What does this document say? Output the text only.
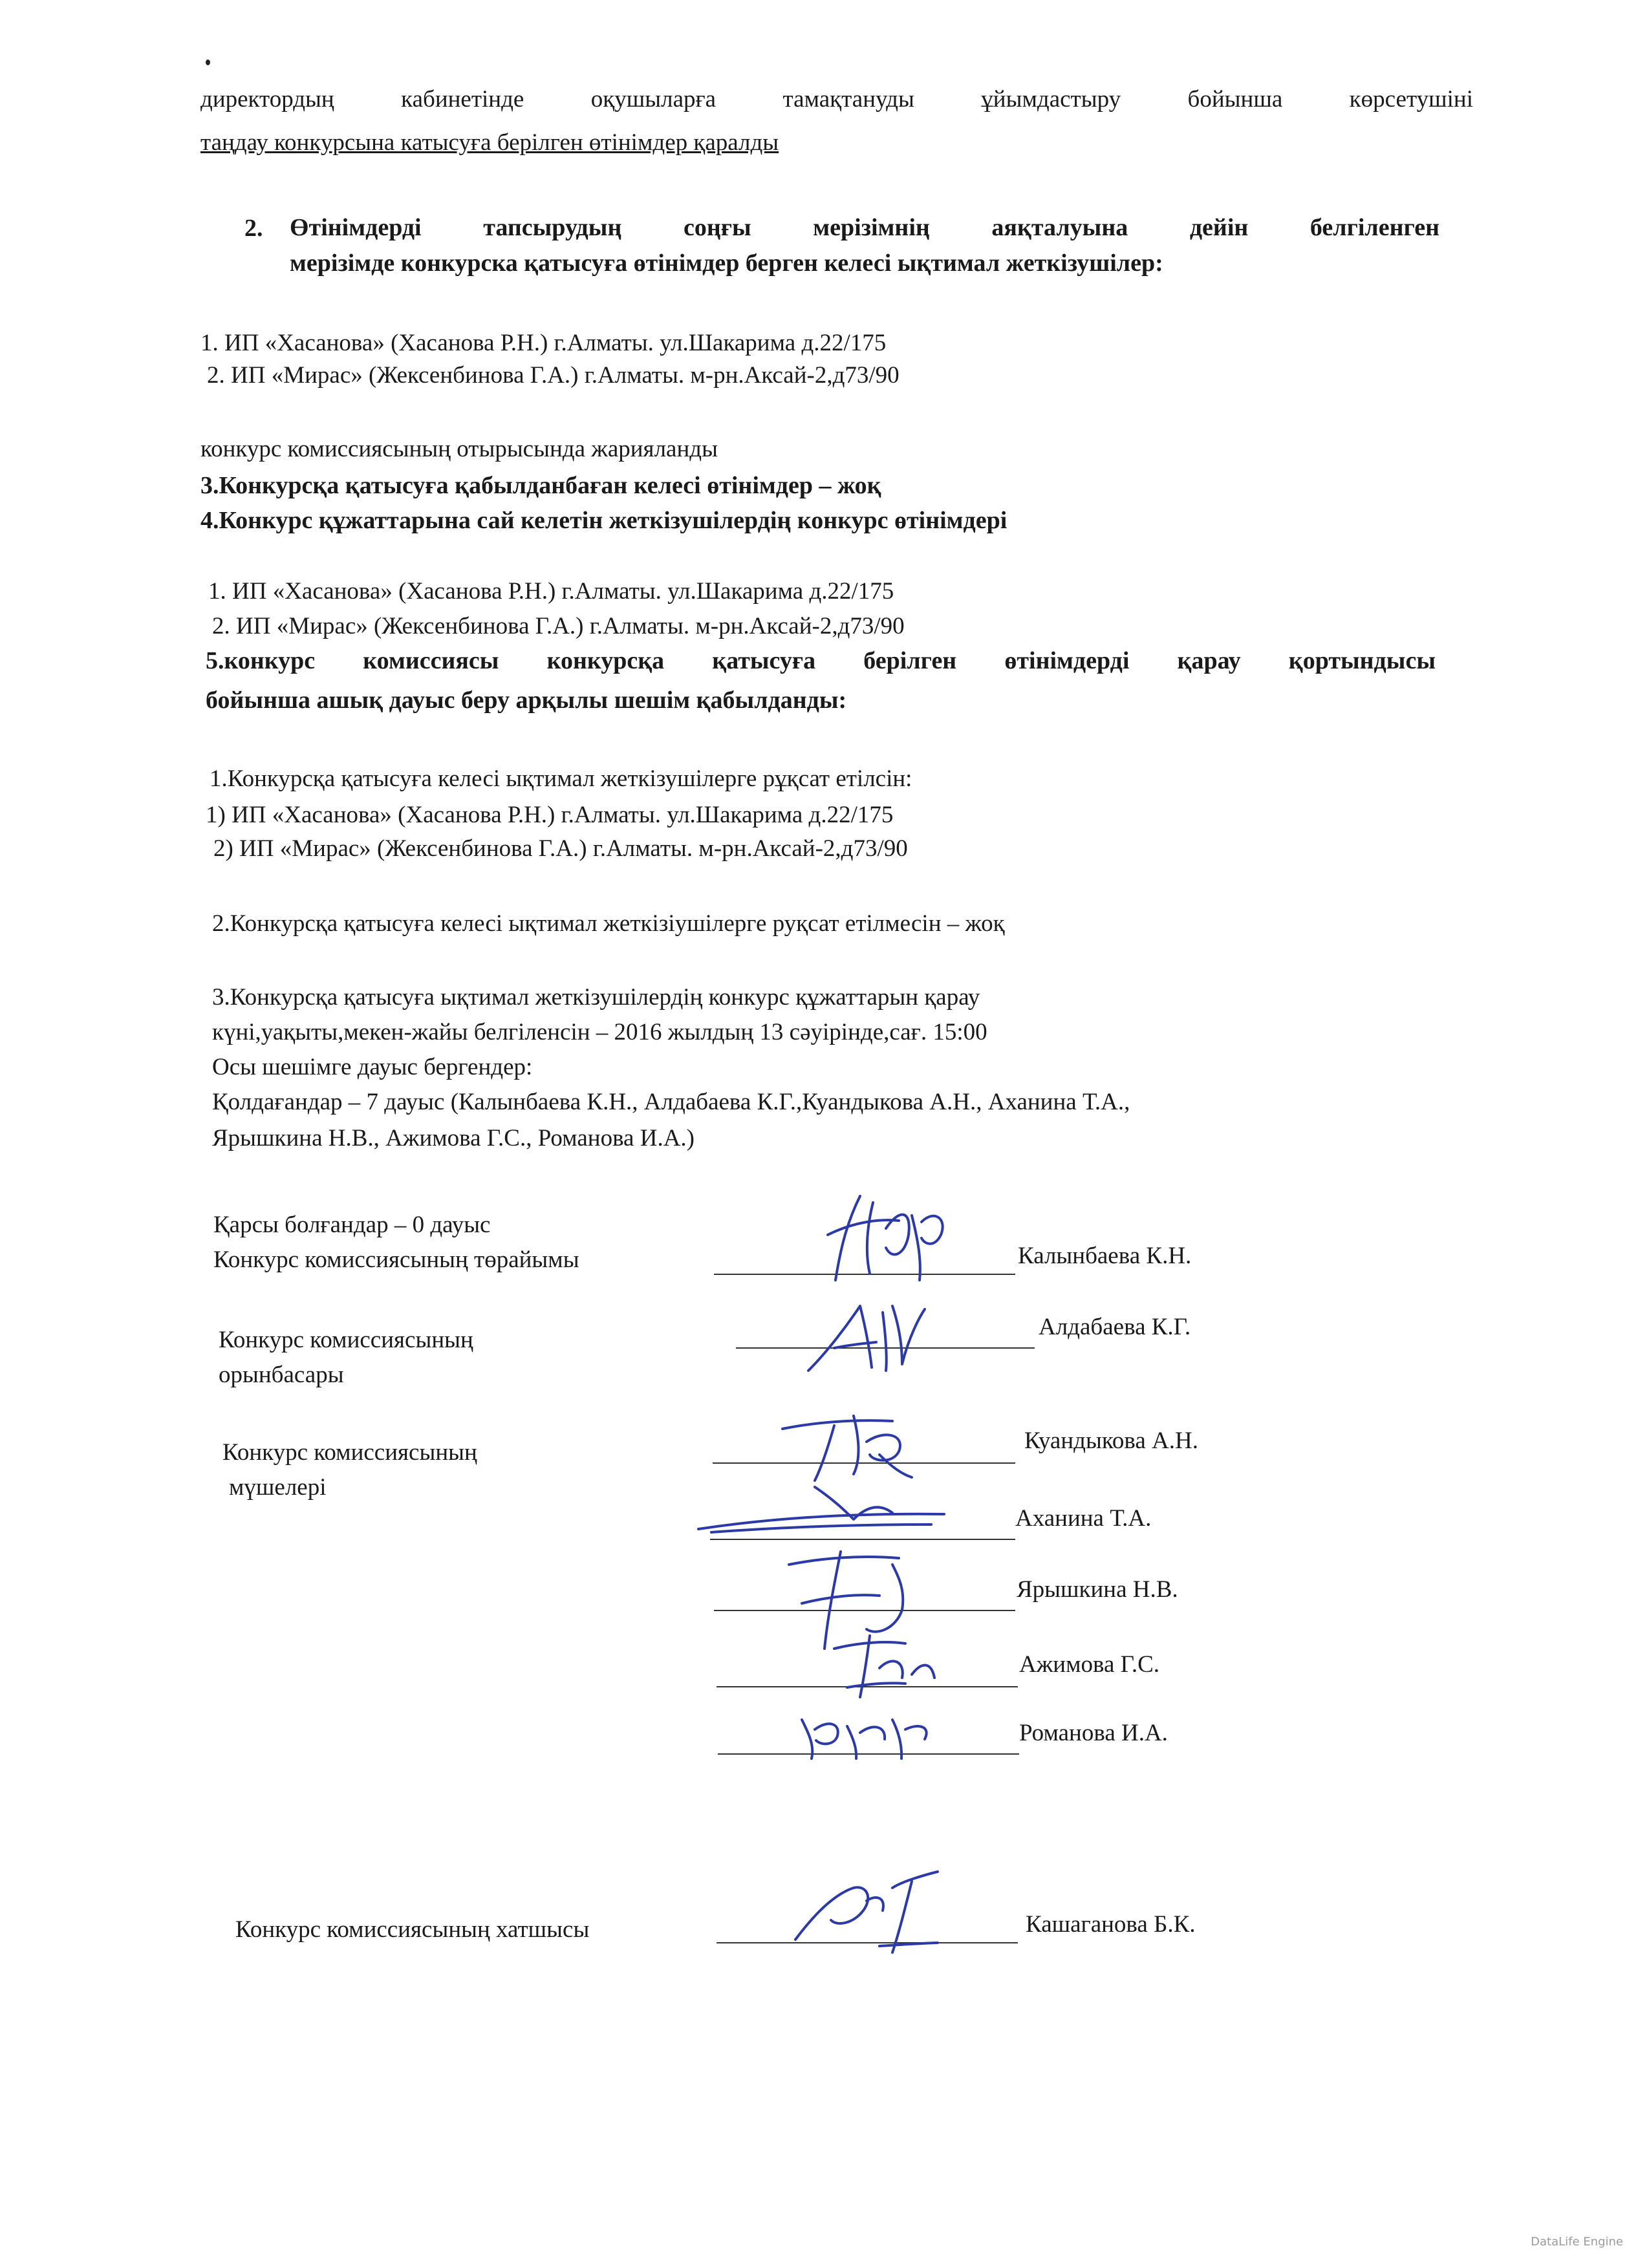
директордың кабинетінде оқушыларға тамақтануды ұйымдастыру бойынша көрсетушіні
таңдау конкурсына катысуға берілген өтінімдер қаралды
2. Өтінімдерді тапсырудың соңғы мерізімнің аяқталуына дейін белгіленген
мерізімде конкурска қатысуға өтінімдер берген келесі ықтимал жеткізушілер:
1. ИП «Хасанова» (Хасанова Р.Н.) г.Алматы. ул.Шакарима д.22/175
2. ИП «Мирас» (Жексенбинова Г.А.) г.Алматы. м-рн.Аксай-2,д73/90
конкурс комиссиясының отырысында жарияланды
3.Конкурсқа қатысуға қабылданбаған келесі өтінімдер – жоқ
4.Конкурс құжаттарына сай келетін жеткізушілердің конкурс өтінімдері
1. ИП «Хасанова» (Хасанова Р.Н.) г.Алматы. ул.Шакарима д.22/175
2. ИП «Мирас» (Жексенбинова Г.А.) г.Алматы. м-рн.Аксай-2,д73/90
5.конкурс комиссиясы конкурсқа қатысуға берілген өтінімдерді қарау қортындысы
бойынша ашық дауыс беру арқылы шешім қабылданды:
1.Конкурсқа қатысуға келесі ықтимал жеткізушілерге рұқсат етілсін:
1) ИП «Хасанова» (Хасанова Р.Н.) г.Алматы. ул.Шакарима д.22/175
2) ИП «Мирас» (Жексенбинова Г.А.) г.Алматы. м-рн.Аксай-2,д73/90
2.Конкурсқа қатысуға келесі ықтимал жеткізіушілерге руқсат етілмесін – жоқ
3.Конкурсқа қатысуға ықтимал жеткізушілердің конкурс құжаттарын қарау
күні,уақыты,мекен-жайы белгіленсін – 2016 жылдың 13 сәуірінде,сағ. 15:00
Осы шешімге дауыс бергендер:
Қолдағандар – 7 дауыс (Калынбаева К.Н., Алдабаева К.Г.,Куандыкова А.Н., Аханина Т.А.,
Ярышкина Н.В., Ажимова Г.С., Романова И.А.)
Қарсы болғандар – 0 дауыс
Конкурс комиссиясының төрайымы	Калынбаева К.Н.
Конкурс комиссиясының
орынбасары
Алдабаева К.Г.
Конкурс комиссиясының
мүшелері
Куандыкова А.Н.
Аханина Т.А.
Ярышкина Н.В.
Ажимова Г.С.
Романова И.А.
Конкурс комиссиясының хатшысы	Кашаганова Б.К.
DataLife Engine
